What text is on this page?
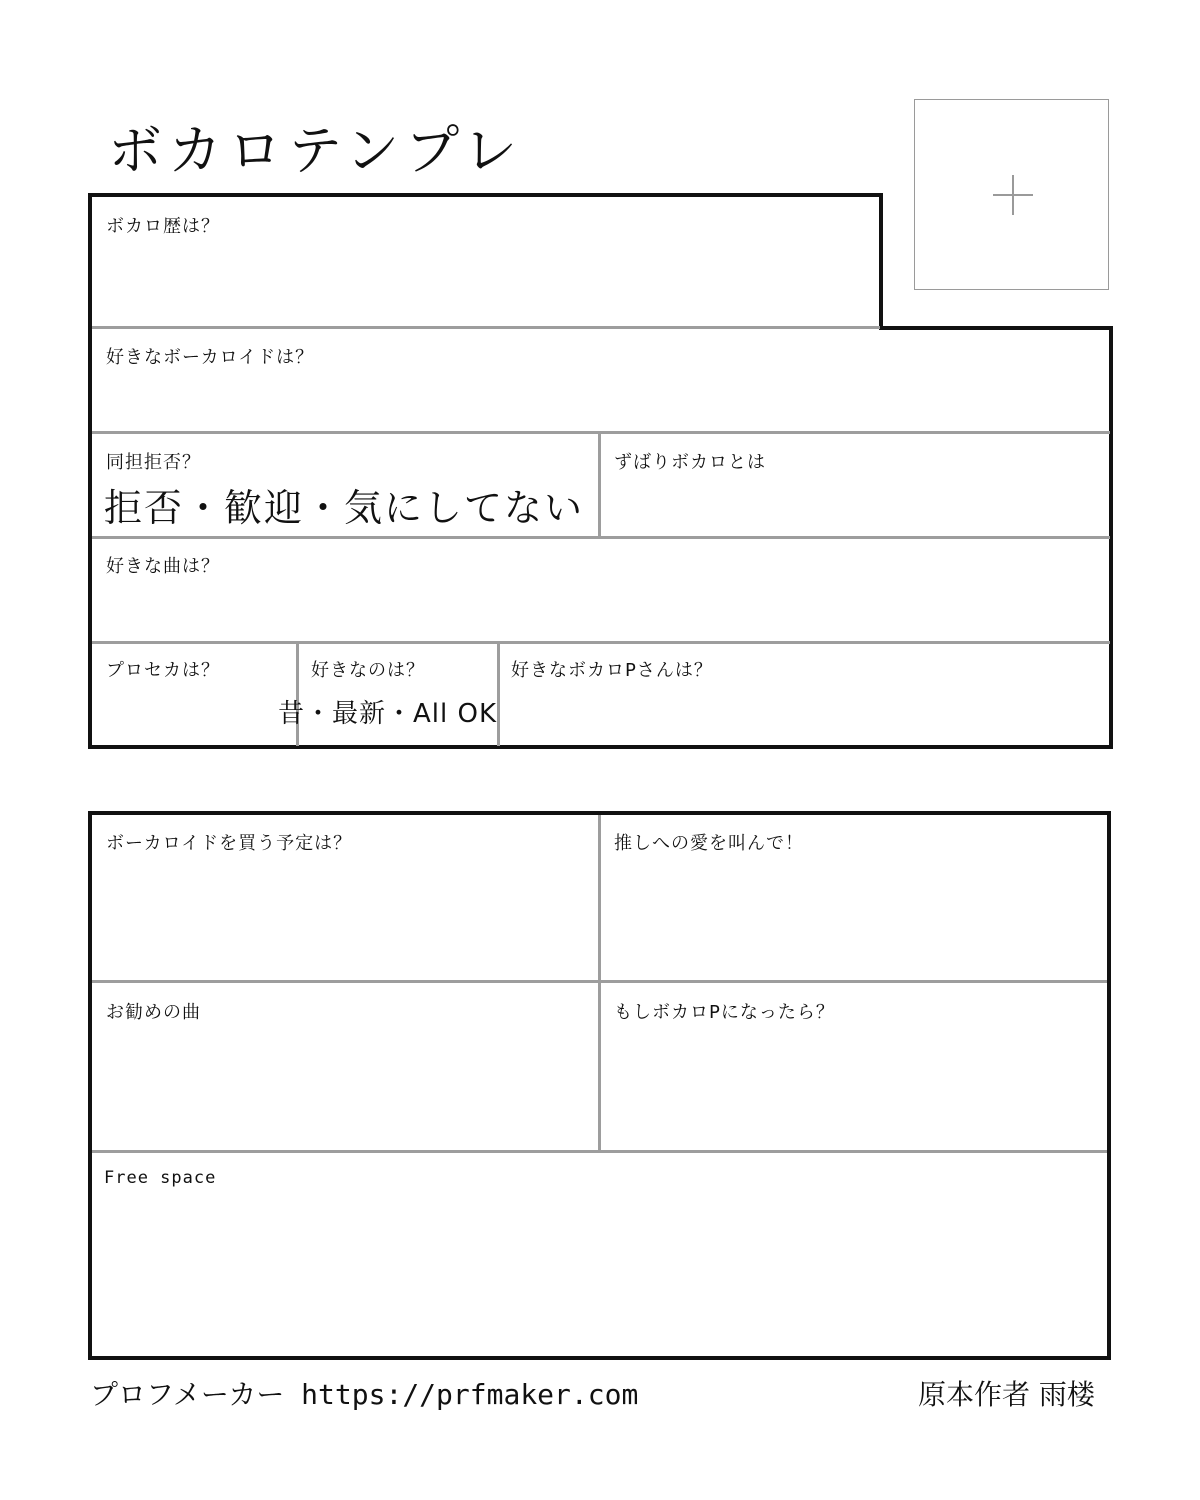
ボカロテンプレ
ボカロ歴は？
好きなボーカロイドは？
同担拒否？
拒否・歓迎・気にしてない
ずばりボカロとは
好きな曲は？
プロセカは？	好きなのは？
昔・最新・All OK
好きなボカロPさんは？
ボーカロイドを買う予定は？	推しへの愛を叫んで！
お勧めの曲	もしボカロPになったら？
Free space
プロフメーカー https://prfmaker.com	原本作者 雨楼
